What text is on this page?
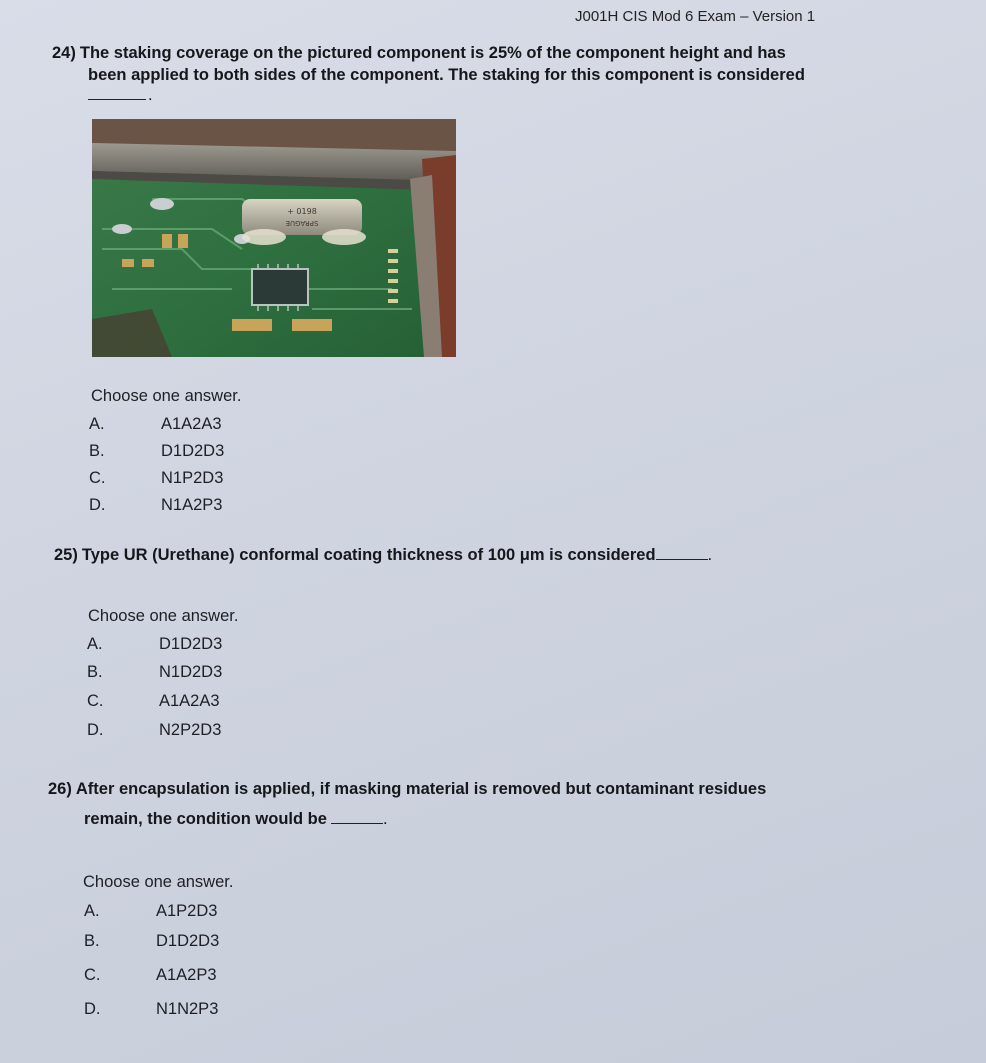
J001H CIS Mod 6 Exam – Version 1
24) The staking coverage on the pictured component is 25% of the component height and has
been applied to both sides of the component. The staking for this component is considered
.
+ 0198
SPRAGUE
Choose one answer.
A.	A1A2A3
B.	D1D2D3
C.	N1P2D3
D.	N1A2P3
25) Type UR (Urethane) conformal coating thickness of 100 μm is considered	.
Choose one answer.
A.	D1D2D3
B.	N1D2D3
C.	A1A2A3
D.	N2P2D3
26) After encapsulation is applied, if masking material is removed but contaminant residues
remain, the condition would be	.
Choose one answer.
A.	A1P2D3
B.	D1D2D3
C.	A1A2P3
D.	N1N2P3
